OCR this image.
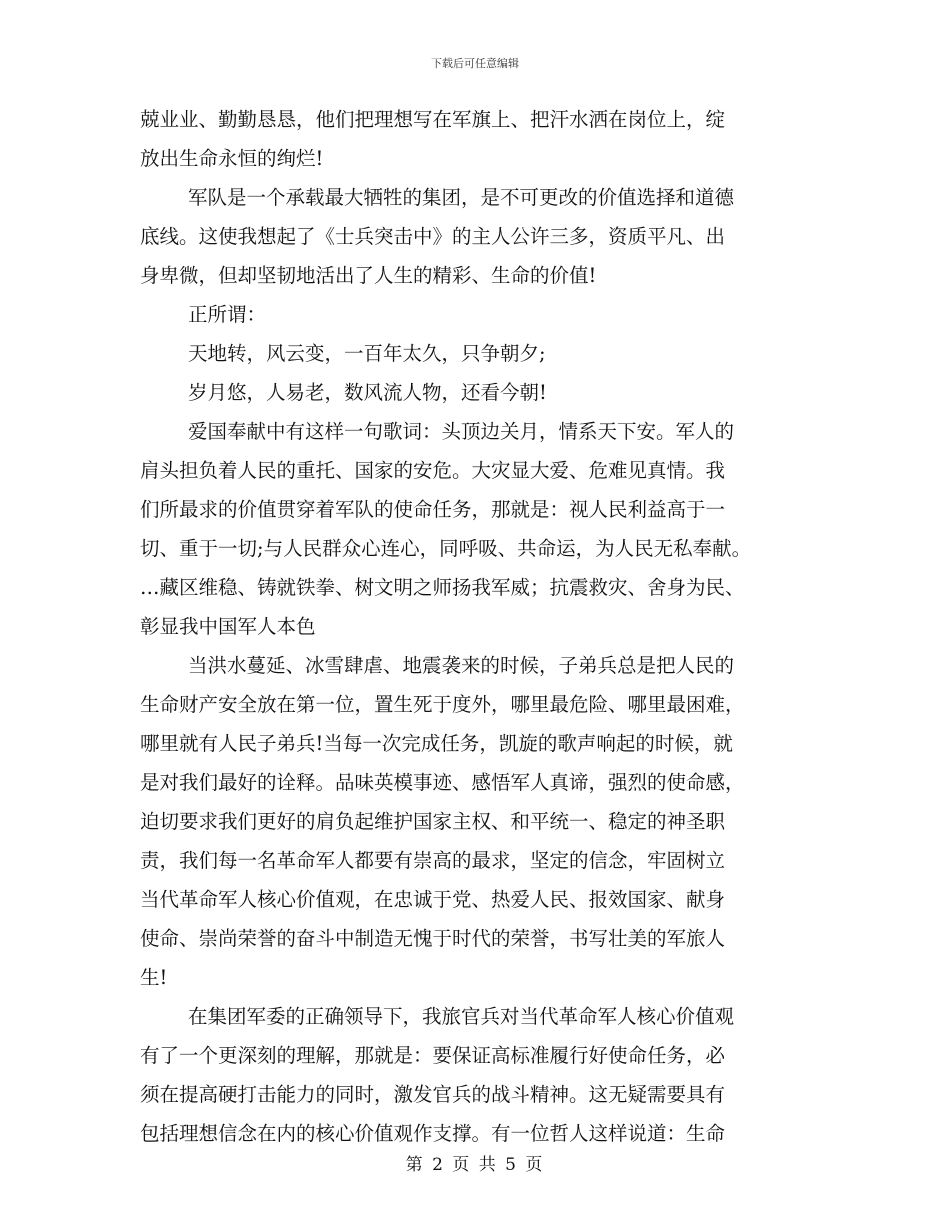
下载后可任意编辑
兢业业、勤勤恳恳，他们把理想写在军旗上、把汗水洒在岗位上，绽
放出生命永恒的绚烂!
军队是一个承载最大牺牲的集团，是不可更改的价值选择和道德
底线。这使我想起了《士兵突击中》的主人公许三多，资质平凡、出
身卑微，但却坚韧地活出了人生的精彩、生命的价值!
正所谓：
天地转，风云变，一百年太久，只争朝夕;
岁月悠，人易老，数风流人物，还看今朝!
爱国奉献中有这样一句歌词：头顶边关月，情系天下安。军人的
肩头担负着人民的重托、国家的安危。大灾显大爱、危难见真情。我
们所最求的价值贯穿着军队的使命任务，那就是：视人民利益高于一
切、重于一切;与人民群众心连心，同呼吸、共命运，为人民无私奉献。
…藏区维稳、铸就铁拳、树文明之师扬我军威；抗震救灾、舍身为民、
彰显我中国军人本色
当洪水蔓延、冰雪肆虐、地震袭来的时候，子弟兵总是把人民的
生命财产安全放在第一位，置生死于度外，哪里最危险、哪里最困难，
哪里就有人民子弟兵!当每一次完成任务，凯旋的歌声响起的时候，就
是对我们最好的诠释。品味英模事迹、感悟军人真谛，强烈的使命感，
迫切要求我们更好的肩负起维护国家主权、和平统一、稳定的神圣职
责，我们每一名革命军人都要有崇高的最求，坚定的信念，牢固树立
当代革命军人核心价值观，在忠诚于党、热爱人民、报效国家、献身
使命、崇尚荣誉的奋斗中制造无愧于时代的荣誉，书写壮美的军旅人
生!
在集团军委的正确领导下，我旅官兵对当代革命军人核心价值观
有了一个更深刻的理解，那就是：要保证高标准履行好使命任务，必
须在提高硬打击能力的同时，激发官兵的战斗精神。这无疑需要具有
包括理想信念在内的核心价值观作支撑。有一位哲人这样说道：生命
第 2 页 共 5 页
